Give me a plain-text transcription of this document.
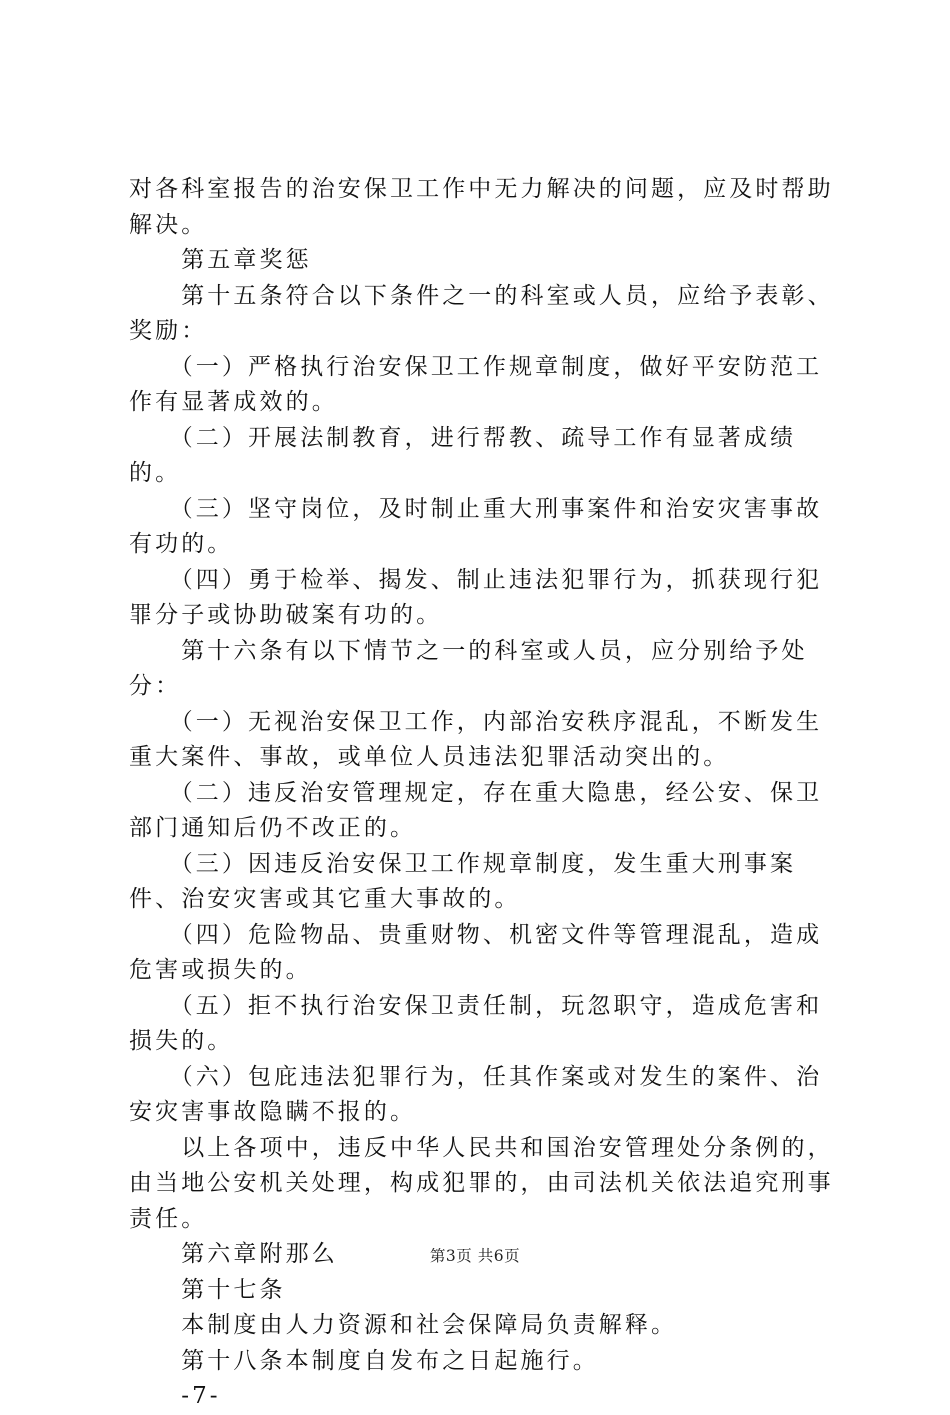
对各科室报告的治安保卫工作中无力解决的问题，应及时帮助解决。

　　第五章奖惩

　　第十五条符合以下条件之一的科室或人员，应给予表彰、奖励：

　　（一）严格执行治安保卫工作规章制度，做好平安防范工作有显著成效的。

　　（二）开展法制教育，进行帮教、疏导工作有显著成绩的。

　　（三）坚守岗位，及时制止重大刑事案件和治安灾害事故有功的。

　　（四）勇于检举、揭发、制止违法犯罪行为，抓获现行犯罪分子或协助破案有功的。

　　第十六条有以下情节之一的科室或人员，应分别给予处分：

　　（一）无视治安保卫工作，内部治安秩序混乱，不断发生重大案件、事故，或单位人员违法犯罪活动突出的。

　　（二）违反治安管理规定，存在重大隐患，经公安、保卫部门通知后仍不改正的。

　　（三）因违反治安保卫工作规章制度，发生重大刑事案件、治安灾害或其它重大事故的。

　　（四）危险物品、贵重财物、机密文件等管理混乱，造成危害或损失的。

　　（五）拒不执行治安保卫责任制，玩忽职守，造成危害和损失的。

　　（六）包庇违法犯罪行为，任其作案或对发生的案件、治安灾害事故隐瞒不报的。

　　以上各项中，违反中华人民共和国治安管理处分条例的，由当地公安机关处理，构成犯罪的，由司法机关依法追究刑事责任。

　　第六章附那么

　　第十七条

　　本制度由人力资源和社会保障局负责解释。

　　第十八条本制度自发布之日起施行。

　　-7-

第3页 共6页
